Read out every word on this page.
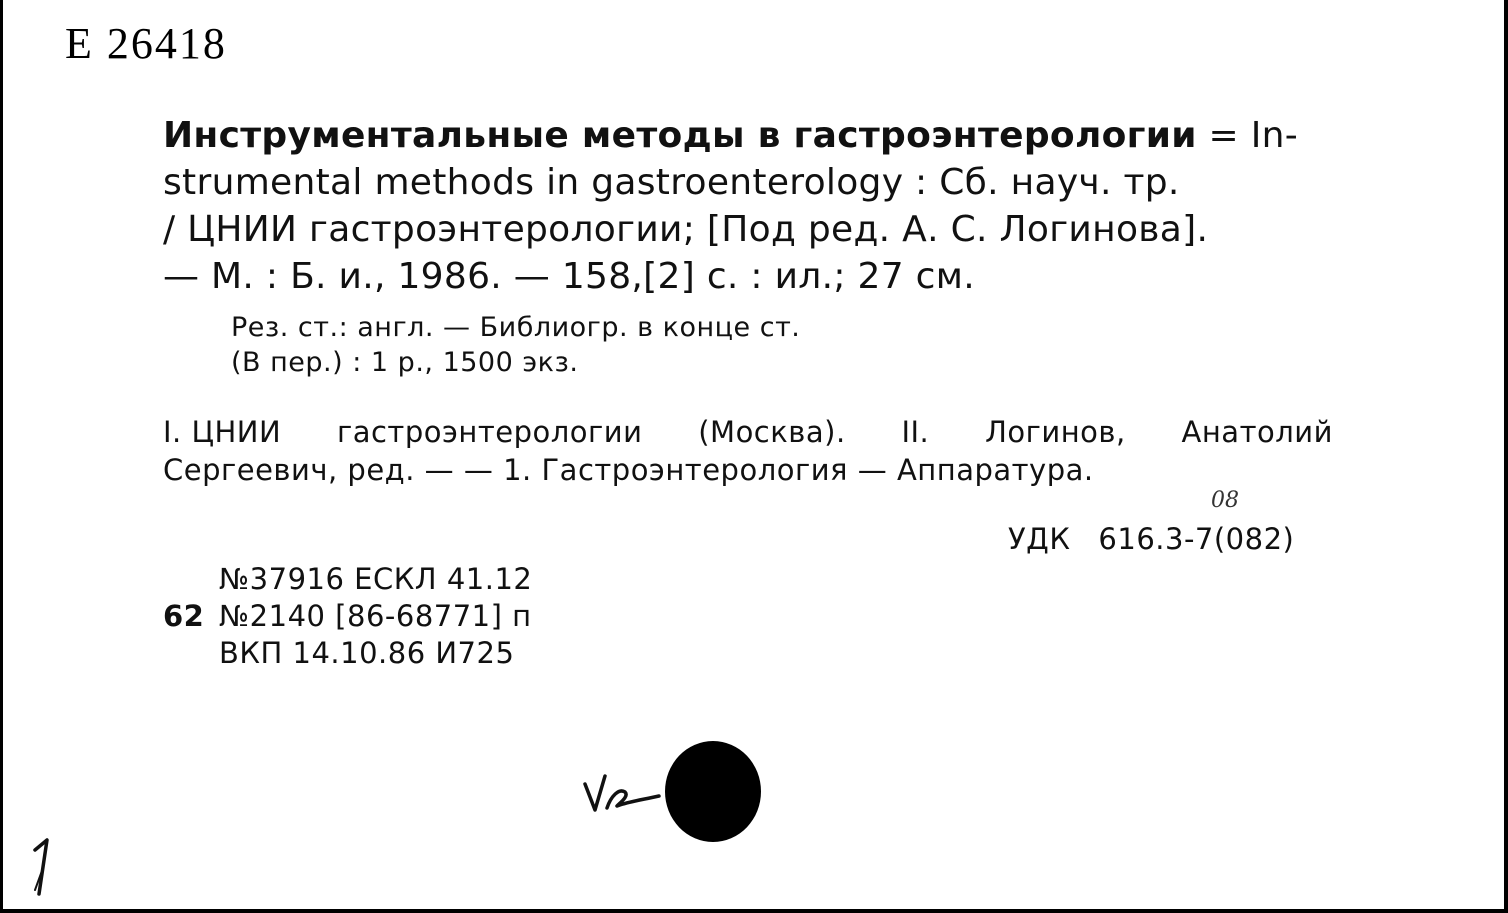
E 26418
Инструментальные методы в гастроэнтерологии = In-
strumental methods in gastroenterology : Сб. науч. тр.
/ ЦНИИ гастроэнтерологии; [Под ред. А. С. Логинова].
— М. : Б. и., 1986. — 158,[2] с. : ил.; 27 см.
Рез. ст.: англ. — Библиогр. в конце ст.
(В пер.) : 1 р., 1500 экз.
I. ЦНИИ гастроэнтерологии (Москва). II. Логинов, Анатолий
Сергеевич, ред. — — 1. Гастроэнтерология — Аппаратура.
08
УДК 616.3-7(082)
№37916 ЕСКЛ 41.12
62 №2140 [86-68771] п
ВКП 14.10.86 И725
